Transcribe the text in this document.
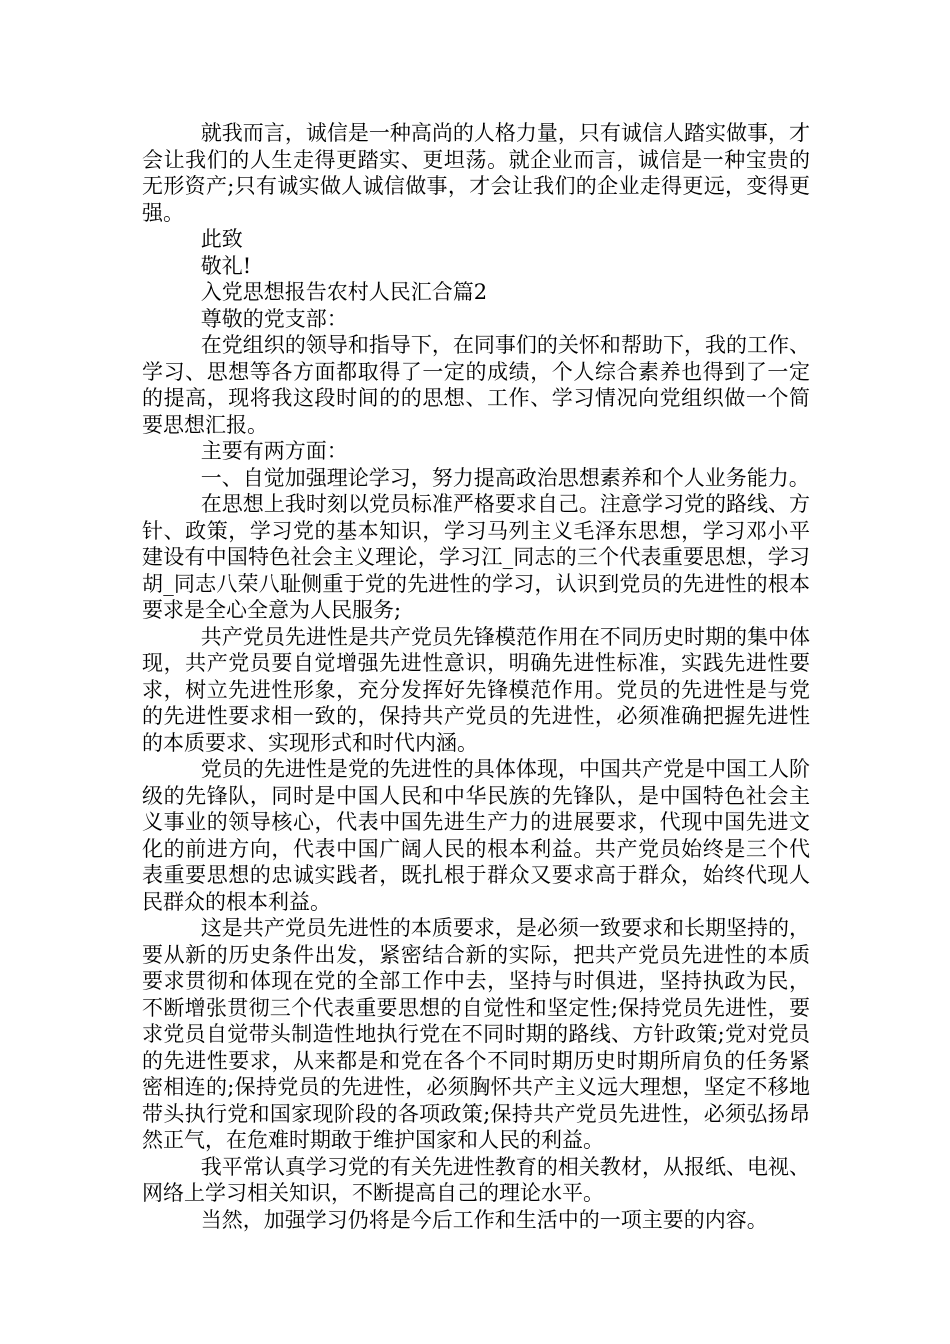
就我而言，诚信是一种高尚的人格力量，只有诚信人踏实做事，才会让我们的人生走得更踏实、更坦荡。就企业而言，诚信是一种宝贵的无形资产;只有诚实做人诚信做事，才会让我们的企业走得更远，变得更强。

此致

敬礼!

入党思想报告农村人民汇合篇2

尊敬的党支部：

在党组织的领导和指导下，在同事们的关怀和帮助下，我的工作、学习、思想等各方面都取得了一定的成绩，个人综合素养也得到了一定的提高，现将我这段时间的的思想、工作、学习情况向党组织做一个简要思想汇报。

主要有两方面：

一、自觉加强理论学习，努力提高政治思想素养和个人业务能力。

在思想上我时刻以党员标准严格要求自己。注意学习党的路线、方针、政策，学习党的基本知识，学习马列主义毛泽东思想，学习邓小平建设有中国特色社会主义理论，学习江_同志的三个代表重要思想，学习胡_同志八荣八耻侧重于党的先进性的学习，认识到党员的先进性的根本要求是全心全意为人民服务;

共产党员先进性是共产党员先锋模范作用在不同历史时期的集中体现，共产党员要自觉增强先进性意识，明确先进性标准，实践先进性要求，树立先进性形象，充分发挥好先锋模范作用。党员的先进性是与党的先进性要求相一致的，保持共产党员的先进性，必须准确把握先进性的本质要求、实现形式和时代内涵。

党员的先进性是党的先进性的具体体现，中国共产党是中国工人阶级的先锋队，同时是中国人民和中华民族的先锋队，是中国特色社会主义事业的领导核心，代表中国先进生产力的进展要求，代现中国先进文化的前进方向，代表中国广阔人民的根本利益。共产党员始终是三个代表重要思想的忠诚实践者，既扎根于群众又要求高于群众，始终代现人民群众的根本利益。

这是共产党员先进性的本质要求，是必须一致要求和长期坚持的，要从新的历史条件出发，紧密结合新的实际，把共产党员先进性的本质要求贯彻和体现在党的全部工作中去，坚持与时俱进，坚持执政为民，不断增张贯彻三个代表重要思想的自觉性和坚定性;保持党员先进性，要求党员自觉带头制造性地执行党在不同时期的路线、方针政策;党对党员的先进性要求，从来都是和党在各个不同时期历史时期所肩负的任务紧密相连的;保持党员的先进性，必须胸怀共产主义远大理想，坚定不移地带头执行党和国家现阶段的各项政策;保持共产党员先进性，必须弘扬昂然正气，在危难时期敢于维护国家和人民的利益。

我平常认真学习党的有关先进性教育的相关教材，从报纸、电视、网络上学习相关知识，不断提高自己的理论水平。

当然，加强学习仍将是今后工作和生活中的一项主要的内容。
